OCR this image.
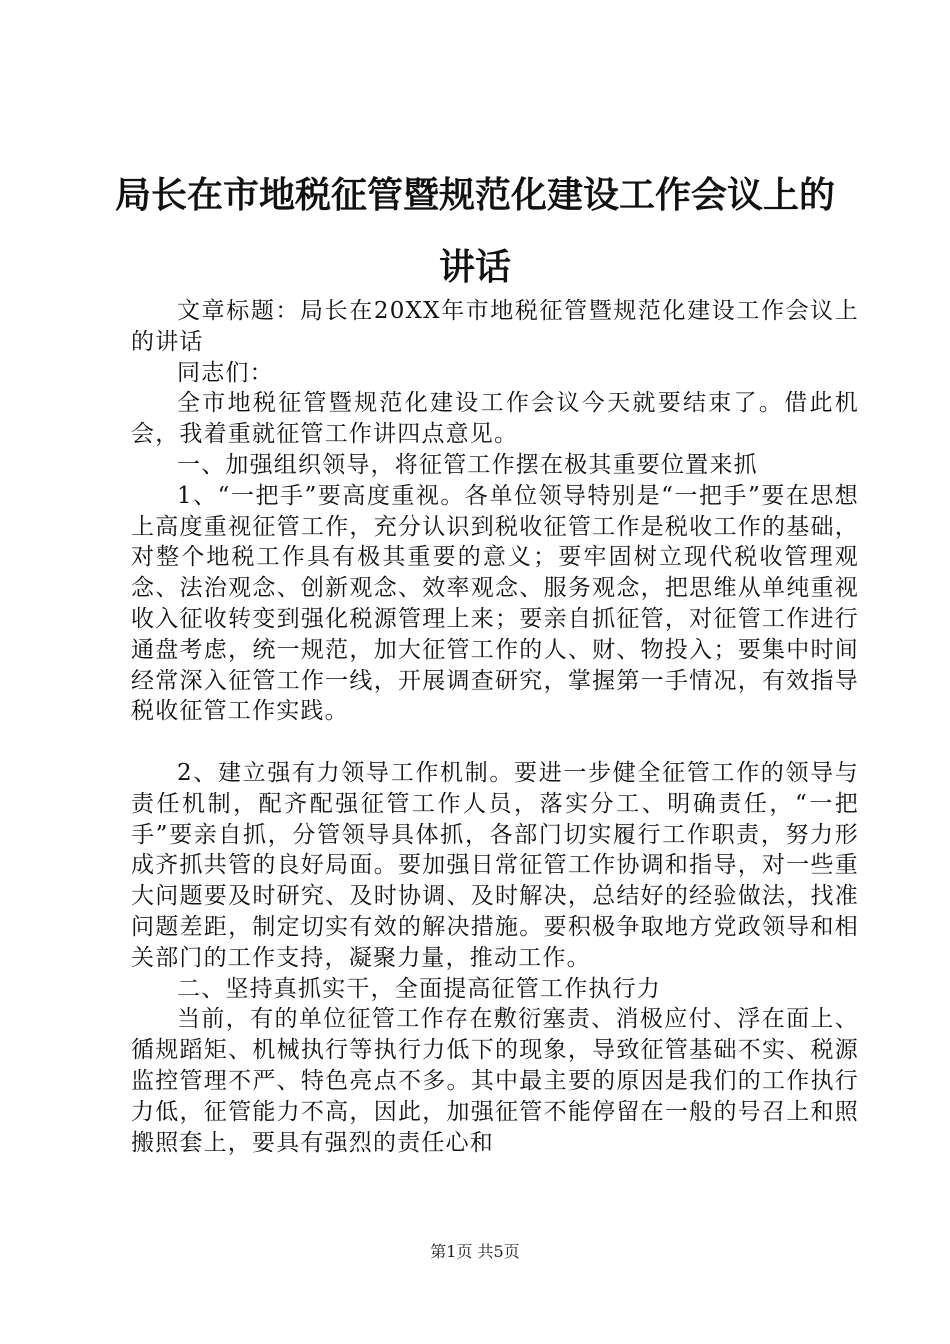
局长在市地税征管暨规范化建设工作会议上的讲话

文章标题：局长在20XX年市地税征管暨规范化建设工作会议上的讲话

同志们：

全市地税征管暨规范化建设工作会议今天就要结束了。借此机会，我着重就征管工作讲四点意见。

一、加强组织领导，将征管工作摆在极其重要位置来抓

1、“一把手”要高度重视。各单位领导特别是“一把手”要在思想上高度重视征管工作，充分认识到税收征管工作是税收工作的基础，对整个地税工作具有极其重要的意义；要牢固树立现代税收管理观念、法治观念、创新观念、效率观念、服务观念，把思维从单纯重视收入征收转变到强化税源管理上来；要亲自抓征管，对征管工作进行通盘考虑，统一规范，加大征管工作的人、财、物投入；要集中时间经常深入征管工作一线，开展调查研究，掌握第一手情况，有效指导税收征管工作实践。

2、建立强有力领导工作机制。要进一步健全征管工作的领导与责任机制，配齐配强征管工作人员，落实分工、明确责任，“一把手”要亲自抓，分管领导具体抓，各部门切实履行工作职责，努力形成齐抓共管的良好局面。要加强日常征管工作协调和指导，对一些重大问题要及时研究、及时协调、及时解决，总结好的经验做法，找准问题差距，制定切实有效的解决措施。要积极争取地方党政领导和相关部门的工作支持，凝聚力量，推动工作。

二、坚持真抓实干，全面提高征管工作执行力

当前，有的单位征管工作存在敷衍塞责、消极应付、浮在面上、循规蹈矩、机械执行等执行力低下的现象，导致征管基础不实、税源监控管理不严、特色亮点不多。其中最主要的原因是我们的工作执行力低，征管能力不高，因此，加强征管不能停留在一般的号召上和照搬照套上，要具有强烈的责任心和

第1页 共5页
